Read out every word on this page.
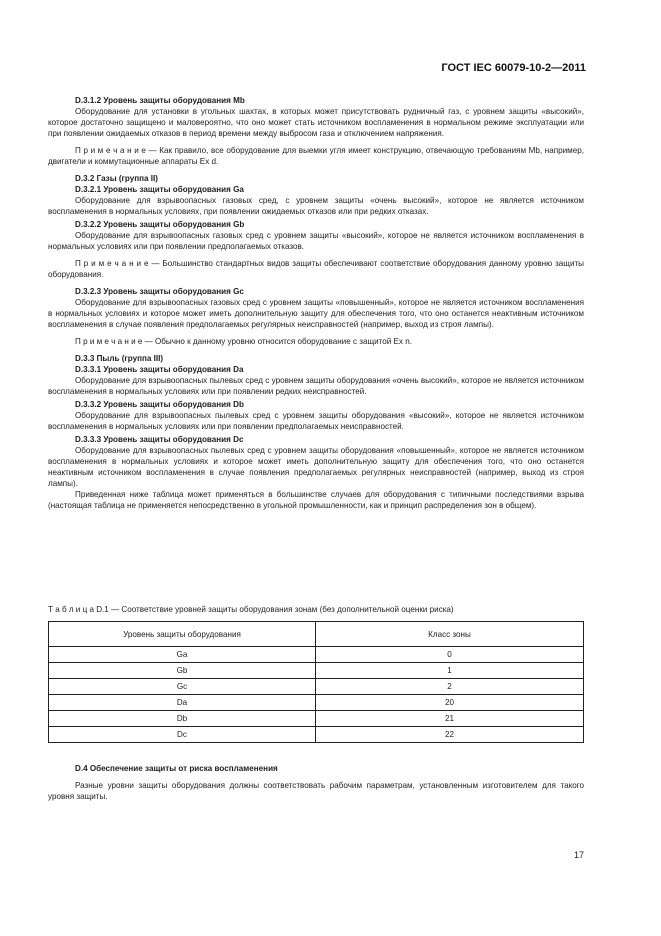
ГОСТ IEC 60079-10-2—2011

D.3.1.2 Уровень защиты оборудования Mb

Оборудование для установки в угольных шахтах, в которых может присутствовать рудничный газ, с уровнем защиты «высокий», которое достаточно защищено и маловероятно, что оно может стать источником воспламенения в нормальном режиме эксплуатации или при появлении ожидаемых отказов в период времени между выбросом газа и отключением напряжения.

П р и м е ч а н и е — Как правило, все оборудование для выемки угля имеет конструкцию, отвечающую требованиям Mb, например, двигатели и коммутационные аппараты Ex d.

D.3.2 Газы (группа II)

D.3.2.1 Уровень защиты оборудования Ga

Оборудование для взрывоопасных газовых сред, с уровнем защиты «очень высокий», которое не является источником воспламенения в нормальных условиях, при появлении ожидаемых отказов или при редких отказах.

D.3.2.2 Уровень защиты оборудования Gb

Оборудование для взрывоопасных газовых сред с уровнем защиты «высокий», которое не является источником воспламенения в нормальных условиях или при появлении предполагаемых отказов.

П р и м е ч а н и е — Большинство стандартных видов защиты обеспечивают соответствие оборудования данному уровню защиты оборудования.

D.3.2.3 Уровень защиты оборудования Gc

Оборудование для взрывоопасных газовых сред с уровнем защиты «повышенный», которое не является источником воспламенения в нормальных условиях и которое может иметь дополнительную защиту для обеспечения того, что оно останется неактивным источником воспламенения в случае появления предполагаемых регулярных неисправностей (например, выход из строя лампы).

П р и м е ч а н и е — Обычно к данному уровню относится оборудование с защитой Ex n.

D.3.3 Пыль (группа III)

D.3.3.1 Уровень защиты оборудования Da

Оборудование для взрывоопасных пылевых сред с уровнем защиты оборудования «очень высокий», которое не является источником воспламенения в нормальных условиях или при появлении редких неисправностей.

D.3.3.2 Уровень защиты оборудования Db

Оборудование для взрывоопасных пылевых сред с уровнем защиты оборудования «высокий», которое не является источником воспламенения в нормальных условиях или при появлении предполагаемых неисправностей.

D.3.3.3 Уровень защиты оборудования Dc

Оборудование для взрывоопасных пылевых сред с уровнем защиты оборудования «повышенный», которое не является источником воспламенения в нормальных условиях и которое может иметь дополнительную защиту для обеспечения того, что оно останется неактивным источником воспламенения в случае появления предполагаемых регулярных неисправностей (например, выход из строя лампы).

Приведенная ниже таблица может применяться в большинстве случаев для оборудования с типичными последствиями взрыва (настоящая таблица не применяется непосредственно в угольной промышленности, как и принцип распределения зон в общем).

Т а б л и ц а D.1 — Соответствие уровней защиты оборудования зонам (без дополнительной оценки риска)
Уровень защиты оборудования	Класс зоны
Ga	0
Gb	1
Gc	2
Da	20
Db	21
Dc	22

D.4 Обеспечение защиты от риска воспламенения

Разные уровни защиты оборудования должны соответствовать рабочим параметрам, установленным изготовителем для такого уровня защиты.

17
